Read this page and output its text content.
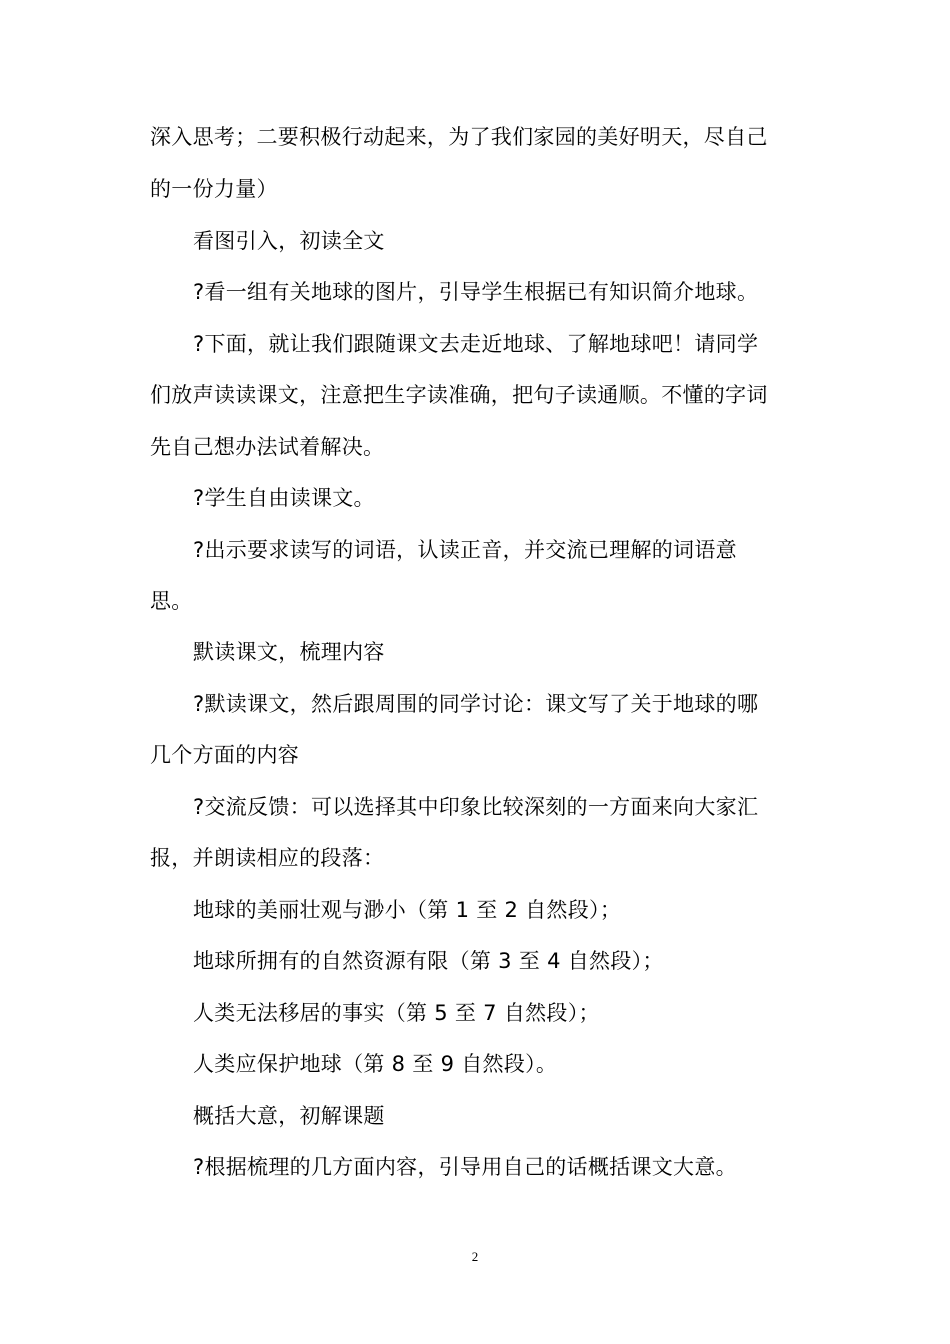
深入思考；二要积极行动起来，为了我们家园的美好明天，尽自己
的一份力量）
看图引入，初读全文
?看一组有关地球的图片，引导学生根据已有知识简介地球。
?下面，就让我们跟随课文去走近地球、了解地球吧！请同学
们放声读读课文，注意把生字读准确，把句子读通顺。不懂的字词
先自己想办法试着解决。
?学生自由读课文。
?出示要求读写的词语，认读正音，并交流已理解的词语意
思。
默读课文，梳理内容
?默读课文，然后跟周围的同学讨论：课文写了关于地球的哪
几个方面的内容
?交流反馈：可以选择其中印象比较深刻的一方面来向大家汇
报，并朗读相应的段落：
地球的美丽壮观与渺小（第 1 至 2 自然段）；
地球所拥有的自然资源有限（第 3 至 4 自然段）；
人类无法移居的事实（第 5 至 7 自然段）；
人类应保护地球（第 8 至 9 自然段）。
概括大意，初解课题
?根据梳理的几方面内容，引导用自己的话概括课文大意。
2
